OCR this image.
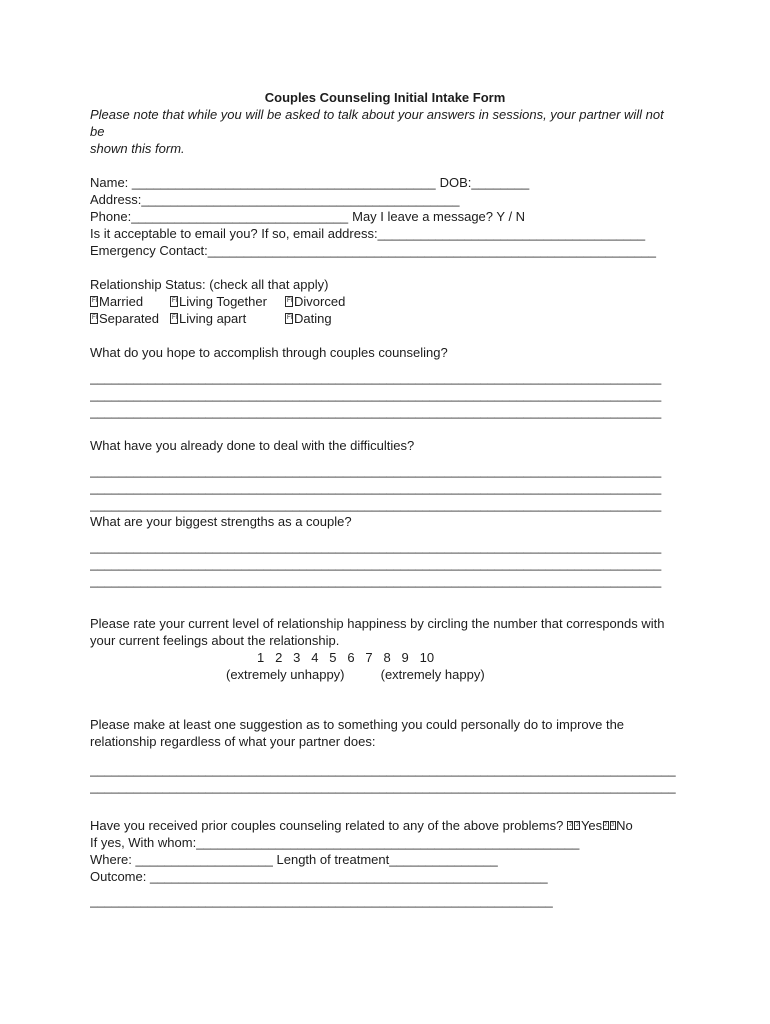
Couples Counseling Initial Intake Form

Please note that while you will be asked to talk about your answers in sessions, your partner will not be
shown this form.

Name: __________________________________________ DOB:________

Address:____________________________________________

Phone:______________________________ May I leave a message? Y / N

Is it acceptable to email you? If so, email address:_____________________________________

Emergency Contact:______________________________________________________________

Relationship Status: (check all that apply)

Fl Married	Fl Living Together	Fl Divorced
Fl Separated	Fl Living apart	Fl Dating

What do you hope to accomplish through couples counseling?

_______________________________________________________________________________

_______________________________________________________________________________

_______________________________________________________________________________

What have you already done to deal with the difficulties?

_______________________________________________________________________________

_______________________________________________________________________________

_______________________________________________________________________________

What are your biggest strengths as a couple?

_______________________________________________________________________________

_______________________________________________________________________________

_______________________________________________________________________________

Please rate your current level of relationship happiness by circling the number that corresponds with

your current feelings about the relationship.

1   2   3   4   5   6   7   8   9   10

(extremely unhappy)	(extremely happy)

Please make at least one suggestion as to something you could personally do to improve the

relationship regardless of what your partner does:

_________________________________________________________________________________

_________________________________________________________________________________

Have you received prior couples counseling related to any of the above problems? 2 2 Yes 2 3 No

If yes, With whom:_____________________________________________________

Where: ___________________ Length of treatment_______________

Outcome: _______________________________________________________

________________________________________________________________
